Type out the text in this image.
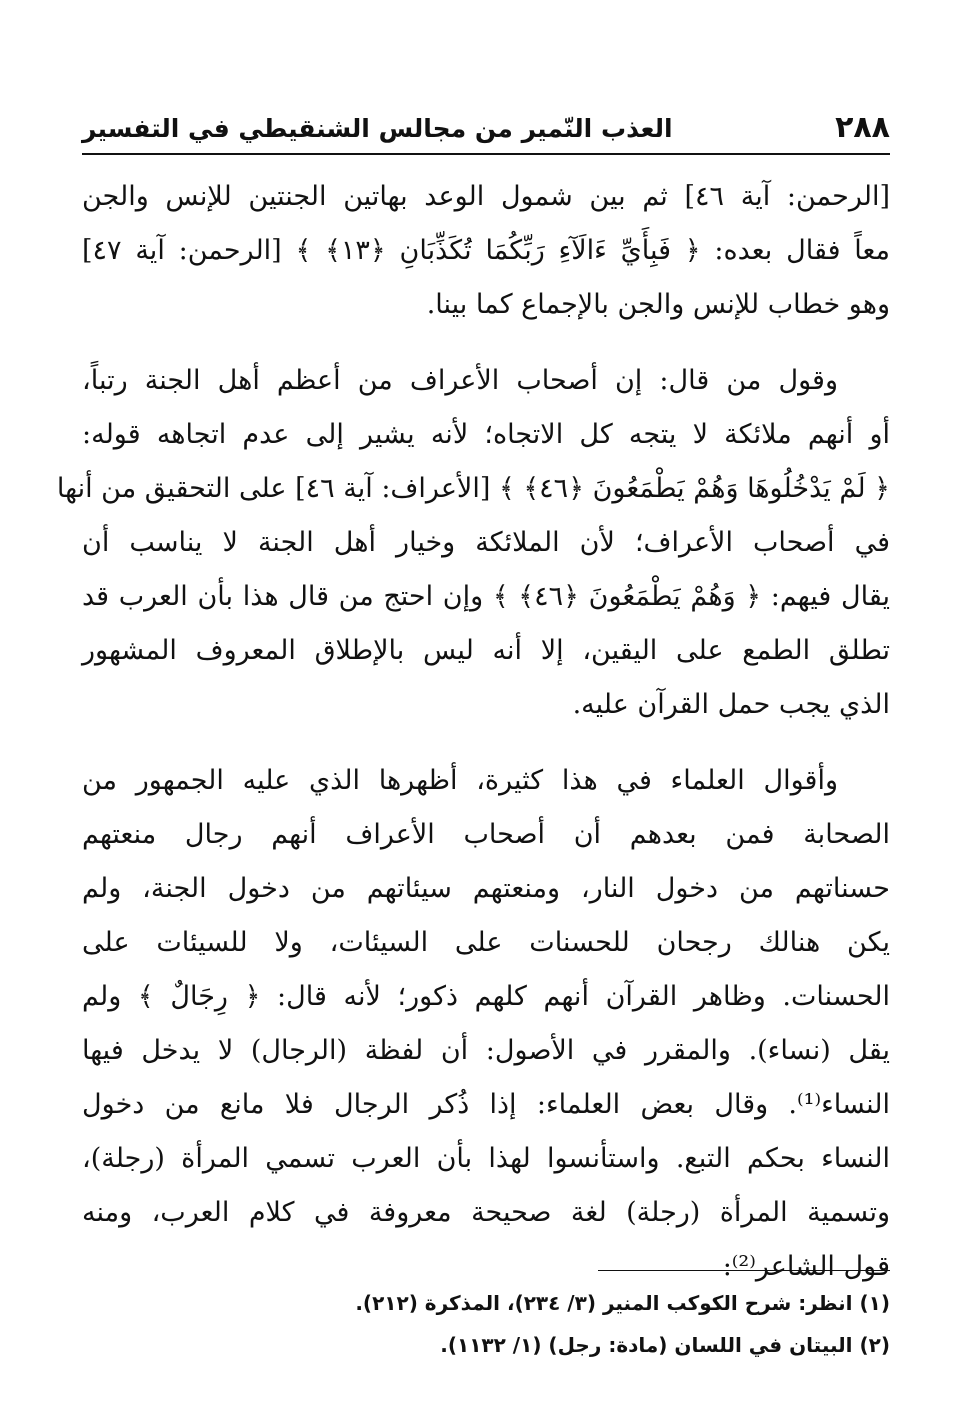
٢٨٨
العذب النّمير من مجالس الشنقيطي في التفسير
[الرحمن: آية ٤٦] ثم بين شمول الوعد بهاتين الجنتين للإنس والجن
معاً فقال بعده: ﴿ فَبِأَيِّ ءَالَآءِ رَبِّكُمَا تُكَذِّبَانِ ﴿١٣﴾ ﴾ [الرحمن: آية ٤٧]
وهو خطاب للإنس والجن بالإجماع كما بينا.
وقول من قال: إن أصحاب الأعراف من أعظم أهل الجنة رتباً،
أو أنهم ملائكة لا يتجه كل الاتجاه؛ لأنه يشير إلى عدم اتجاهه قوله:
﴿ لَمْ يَدْخُلُوهَا وَهُمْ يَطْمَعُونَ ﴿٤٦﴾ ﴾ [الأعراف: آية ٤٦] على التحقيق من أنها
في أصحاب الأعراف؛ لأن الملائكة وخيار أهل الجنة لا يناسب أن
يقال فيهم: ﴿ وَهُمْ يَطْمَعُونَ ﴿٤٦﴾ ﴾ وإن احتج من قال هذا بأن العرب قد
تطلق الطمع على اليقين، إلا أنه ليس بالإطلاق المعروف المشهور
الذي يجب حمل القرآن عليه.
وأقوال العلماء في هذا كثيرة، أظهرها الذي عليه الجمهور من
الصحابة فمن بعدهم أن أصحاب الأعراف أنهم رجال منعتهم
حسناتهم من دخول النار، ومنعتهم سيئاتهم من دخول الجنة، ولم
يكن هنالك رجحان للحسنات على السيئات، ولا للسيئات على
الحسنات. وظاهر القرآن أنهم كلهم ذكور؛ لأنه قال: ﴿ رِجَالٌ ﴾ ولم
يقل (نساء). والمقرر في الأصول: أن لفظة (الرجال) لا يدخل فيها
النساء⁽¹⁾. وقال بعض العلماء: إذا ذُكر الرجال فلا مانع من دخول
النساء بحكم التبع. واستأنسوا لهذا بأن العرب تسمي المرأة (رجلة)،
وتسمية المرأة (رجلة) لغة صحيحة معروفة في كلام العرب، ومنه
قول الشاعر⁽²⁾:
(١) انظر: شرح الكوكب المنير (٣/ ٢٣٤)، المذكرة (٢١٢).
(٢) البيتان في اللسان (مادة: رجل) (١/ ١١٣٢).
